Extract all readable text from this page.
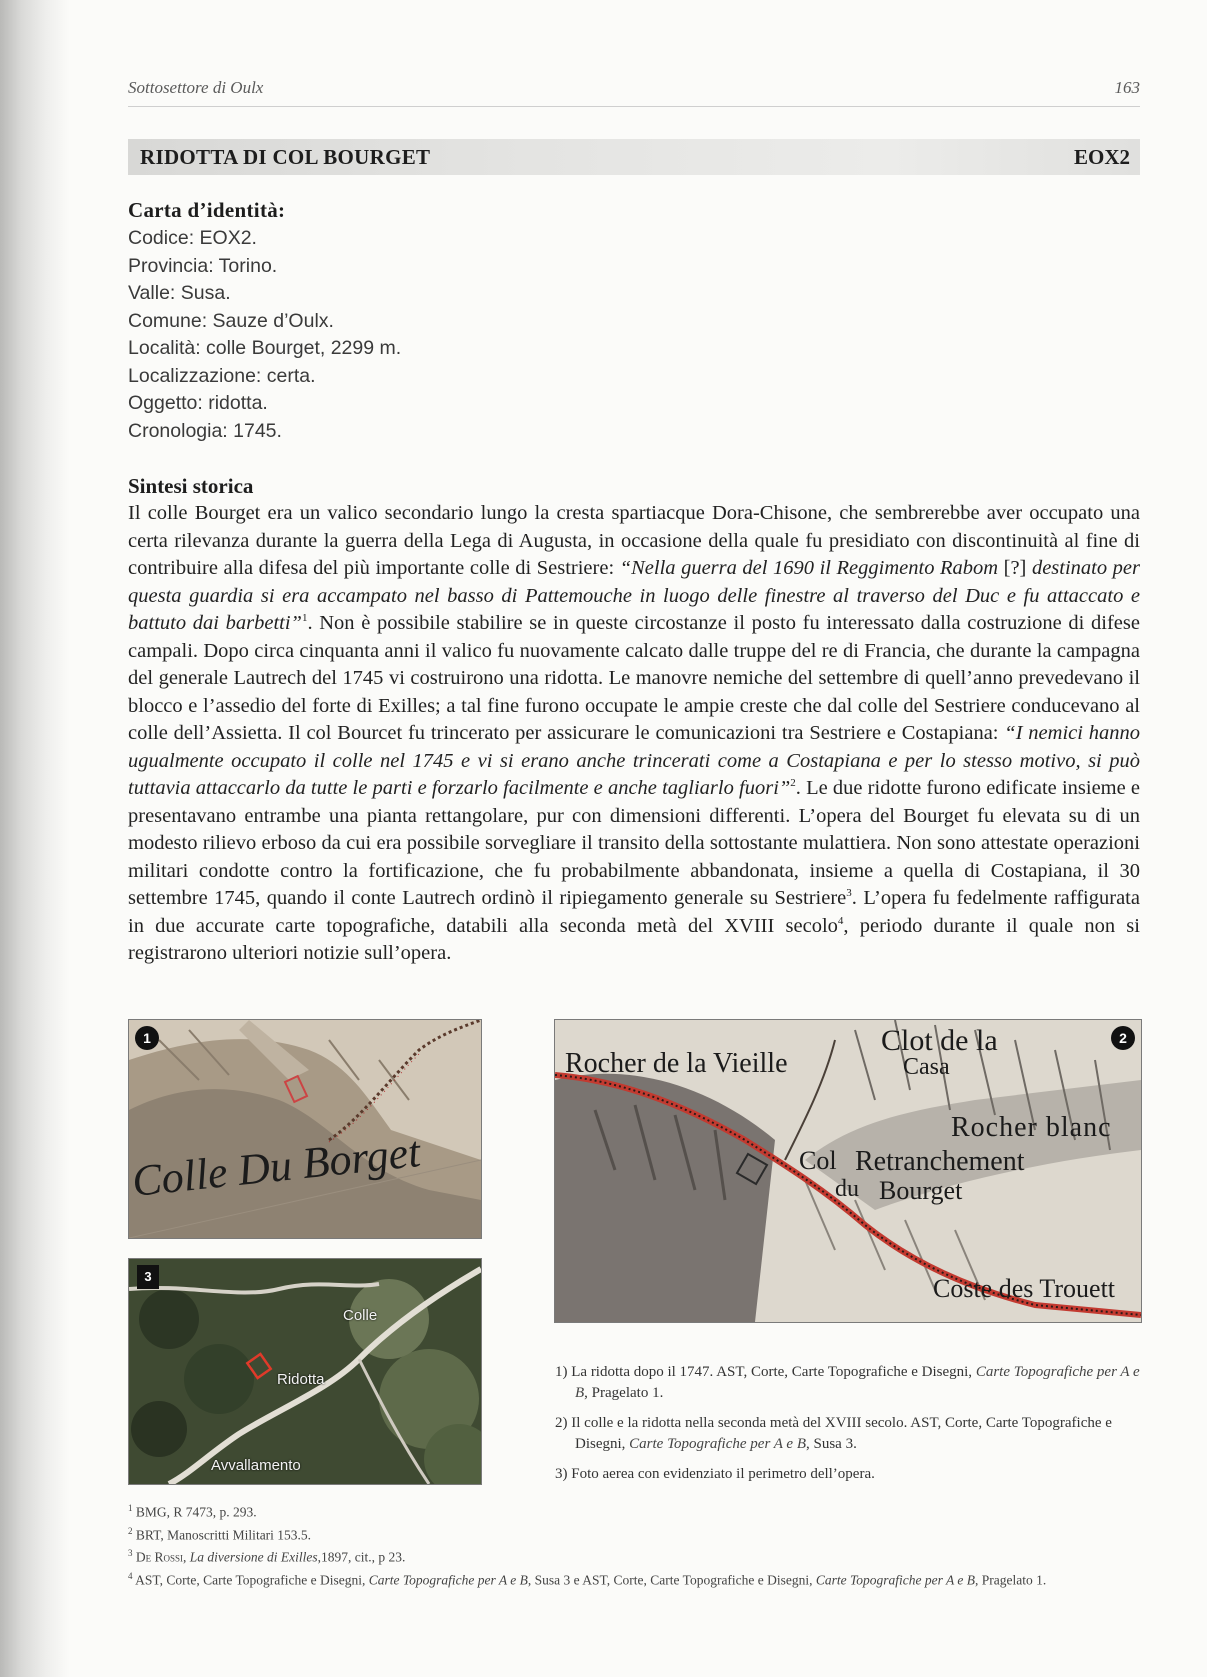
Sottosettore di Oulx	163
RIDOTTA DI COL BOURGET	EOX2
Carta d’identità:
Codice: EOX2.
Provincia: Torino.
Valle: Susa.
Comune: Sauze d’Oulx.
Località: colle Bourget, 2299 m.
Localizzazione: certa.
Oggetto: ridotta.
Cronologia: 1745.
Sintesi storica

Il colle Bourget era un valico secondario lungo la cresta spartiacque Dora-Chisone, che sembrerebbe aver occupato una certa rilevanza durante la guerra della Lega di Augusta, in occasione della quale fu presidiato con discontinuità al fine di contribuire alla difesa del più importante colle di Sestriere: “Nella guerra del 1690 il Reggimento Rabom [?] destinato per questa guardia si era accampato nel basso di Pattemouche in luogo delle finestre al traverso del Duc e fu attaccato e battuto dai barbetti”$^1$. Non è possibile stabilire se in queste circostanze il posto fu interessato dalla costruzione di difese campali. Dopo circa cinquanta anni il valico fu nuovamente calcato dalle truppe del re di Francia, che durante la campagna del generale Lautrech del 1745 vi costruirono una ridotta. Le manovre nemiche del settembre di quell’anno prevedevano il blocco e l’assedio del forte di Exilles; a tal fine furono occupate le ampie creste che dal colle del Sestriere conducevano al colle dell’Assietta. Il col Bourcet fu trincerato per assicurare le comunicazioni tra Sestriere e Costapiana: “I nemici hanno ugualmente occupato il colle nel 1745 e vi si erano anche trincerati come a Costapiana e per lo stesso motivo, si può tuttavia attaccarlo da tutte le parti e forzarlo facilmente e anche tagliarlo fuori”$^2$. Le due ridotte furono edificate insieme e presentavano entrambe una pianta rettangolare, pur con dimensioni differenti. L’opera del Bourget fu elevata su di un modesto rilievo erboso da cui era possibile sorvegliare il transito della sottostante mulattiera. Non sono attestate operazioni militari condotte contro la fortificazione, che fu probabilmente abbandonata, insieme a quella di Costapiana, il 30 settembre 1745, quando il conte Lautrech ordinò il ripiegamento generale su Sestriere$^3$. L’opera fu fedelmente raffigurata in due accurate carte topografiche, databili alla seconda metà del XVIII secolo$^4$, periodo durante il quale non si registrarono ulteriori notizie sull’opera.

1
Colle Du Borget
2
Rocher de la Vieille
Clot de la
Casa
Rocher blanc
Col Retranchement
du Bourget
Coste des Trouett
3
Colle
Ridotta
Avvallamento
1) La ridotta dopo il 1747. AST, Corte, Carte Topografiche e Disegni, Carte Topografiche per A e B, Pragelato 1.
2) Il colle e la ridotta nella seconda metà del XVIII secolo. AST, Corte, Carte Topografiche e Disegni, Carte Topografiche per A e B, Susa 3.
3) Foto aerea con evidenziato il perimetro dell’opera.
$^1$ BMG, R 7473, p. 293.
$^2$ BRT, Manoscritti Militari 153.5.
$^3$ De Rossi, La diversione di Exilles,1897, cit., p 23.
$^4$ AST, Corte, Carte Topografiche e Disegni, Carte Topografiche per A e B, Susa 3 e AST, Corte, Carte Topografiche e Disegni, Carte Topografiche per A e B, Pragelato 1.
